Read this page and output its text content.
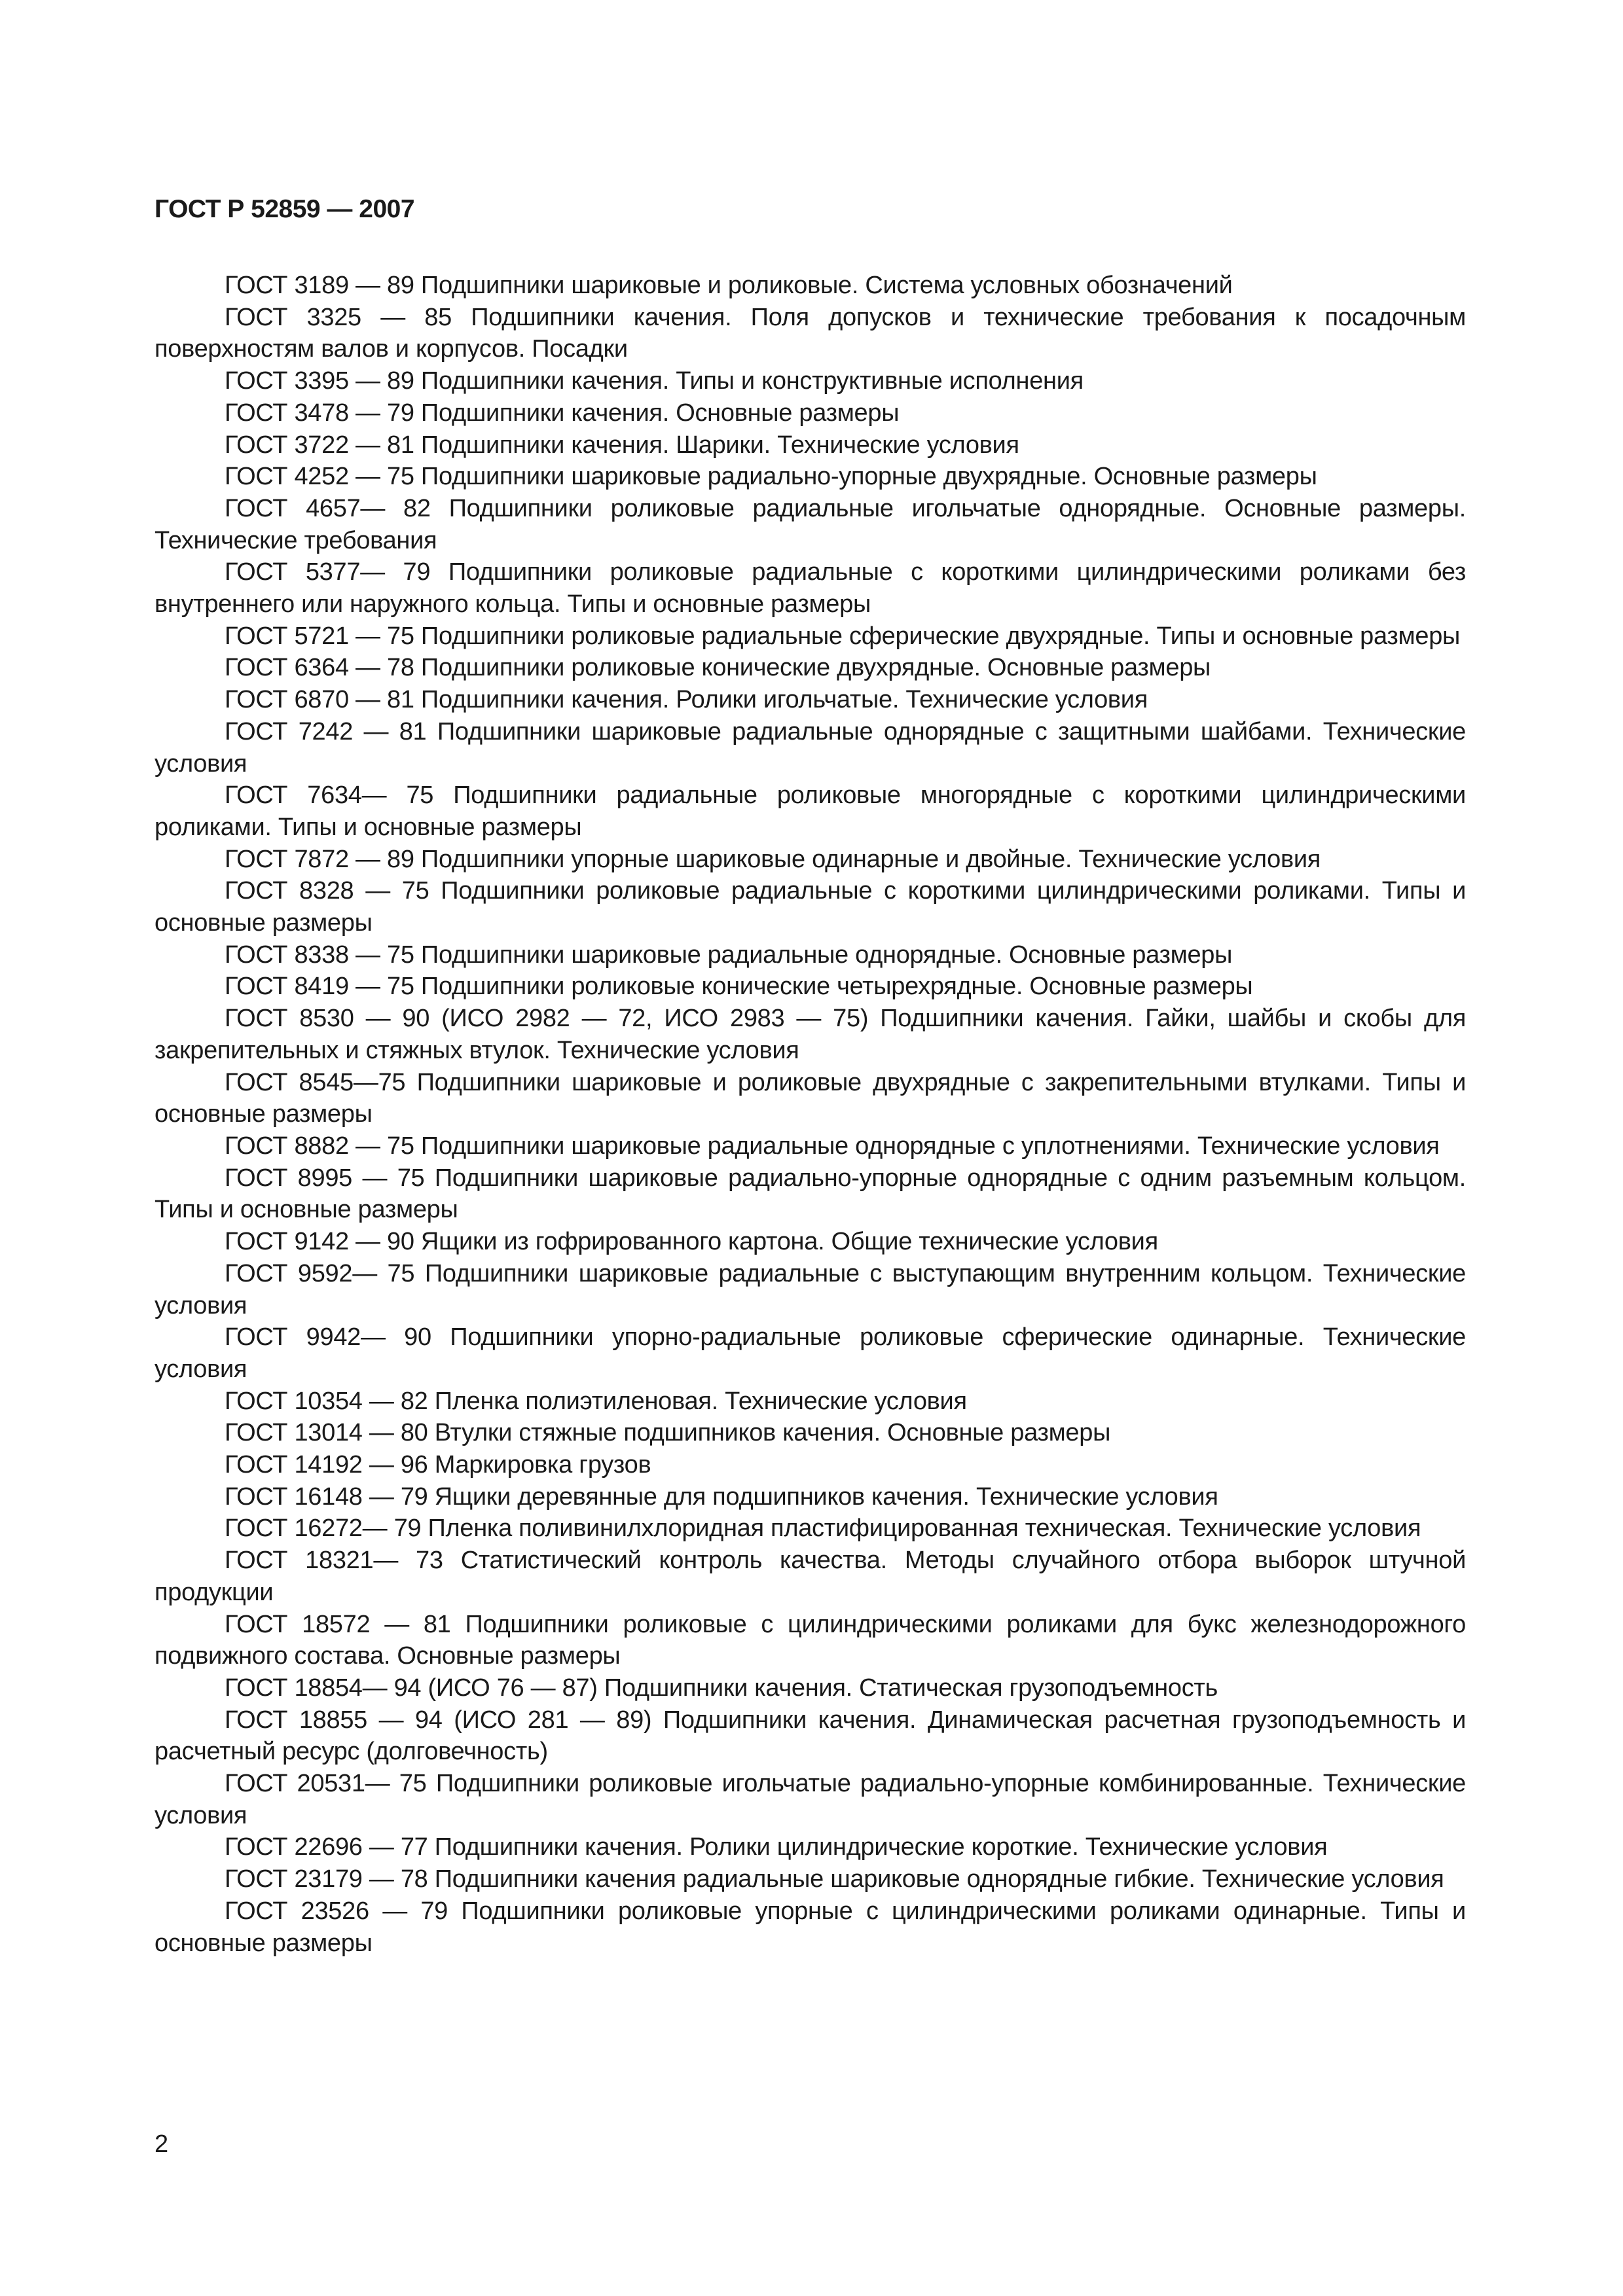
ГОСТ Р 52859 — 2007

ГОСТ 3189 — 89 Подшипники шариковые и роликовые. Система условных обозначений

ГОСТ 3325 — 85 Подшипники качения. Поля допусков и технические требования к посадочным поверхностям валов и корпусов. Посадки

ГОСТ 3395 — 89 Подшипники качения. Типы и конструктивные исполнения

ГОСТ 3478 — 79 Подшипники качения. Основные размеры

ГОСТ 3722 — 81 Подшипники качения. Шарики. Технические условия

ГОСТ 4252 — 75 Подшипники шариковые радиально-упорные двухрядные. Основные размеры

ГОСТ 4657— 82 Подшипники роликовые радиальные игольчатые однорядные. Основные размеры. Технические требования

ГОСТ 5377— 79 Подшипники роликовые радиальные с короткими цилиндрическими роликами без внутреннего или наружного кольца. Типы и основные размеры

ГОСТ 5721 — 75 Подшипники роликовые радиальные сферические двухрядные. Типы и основные размеры

ГОСТ 6364 — 78 Подшипники роликовые конические двухрядные. Основные размеры

ГОСТ 6870 — 81 Подшипники качения. Ролики игольчатые. Технические условия

ГОСТ 7242 — 81 Подшипники шариковые радиальные однорядные с защитными шайбами. Технические условия

ГОСТ 7634— 75 Подшипники радиальные роликовые многорядные с короткими цилиндрическими роликами. Типы и основные размеры

ГОСТ 7872 — 89 Подшипники упорные шариковые одинарные и двойные. Технические условия

ГОСТ 8328 — 75 Подшипники роликовые радиальные с короткими цилиндрическими роликами. Типы и основные размеры

ГОСТ 8338 — 75 Подшипники шариковые радиальные однорядные. Основные размеры

ГОСТ 8419 — 75 Подшипники роликовые конические четырехрядные. Основные размеры

ГОСТ 8530 — 90 (ИСО 2982 — 72, ИСО 2983 — 75) Подшипники качения. Гайки, шайбы и скобы для закрепительных и стяжных втулок. Технические условия

ГОСТ 8545—75 Подшипники шариковые и роликовые двухрядные с закрепительными втулками. Типы и основные размеры

ГОСТ 8882 — 75 Подшипники шариковые радиальные однорядные с уплотнениями. Технические условия

ГОСТ 8995 — 75 Подшипники шариковые радиально-упорные однорядные с одним разъемным кольцом. Типы и основные размеры

ГОСТ 9142 — 90 Ящики из гофрированного картона. Общие технические условия

ГОСТ 9592— 75 Подшипники шариковые радиальные с выступающим внутренним кольцом. Технические условия

ГОСТ 9942— 90 Подшипники упорно-радиальные роликовые сферические одинарные. Технические условия

ГОСТ 10354 — 82 Пленка полиэтиленовая. Технические условия

ГОСТ 13014 — 80 Втулки стяжные подшипников качения. Основные размеры

ГОСТ 14192 — 96 Маркировка грузов

ГОСТ 16148 — 79 Ящики деревянные для подшипников качения. Технические условия

ГОСТ 16272— 79 Пленка поливинилхлоридная пластифицированная техническая. Технические условия

ГОСТ 18321— 73 Статистический контроль качества. Методы случайного отбора выборок штучной продукции

ГОСТ 18572 — 81 Подшипники роликовые с цилиндрическими роликами для букс железнодорожного подвижного состава. Основные размеры

ГОСТ 18854— 94 (ИСО 76 — 87) Подшипники качения. Статическая грузоподъемность

ГОСТ 18855 — 94 (ИСО 281 — 89) Подшипники качения. Динамическая расчетная грузоподъемность и расчетный ресурс (долговечность)

ГОСТ 20531— 75 Подшипники роликовые игольчатые радиально-упорные комбинированные. Технические условия

ГОСТ 22696 — 77 Подшипники качения. Ролики цилиндрические короткие. Технические условия

ГОСТ 23179 — 78 Подшипники качения радиальные шариковые однорядные гибкие. Технические условия

ГОСТ 23526 — 79 Подшипники роликовые упорные с цилиндрическими роликами одинарные. Типы и основные размеры

2
